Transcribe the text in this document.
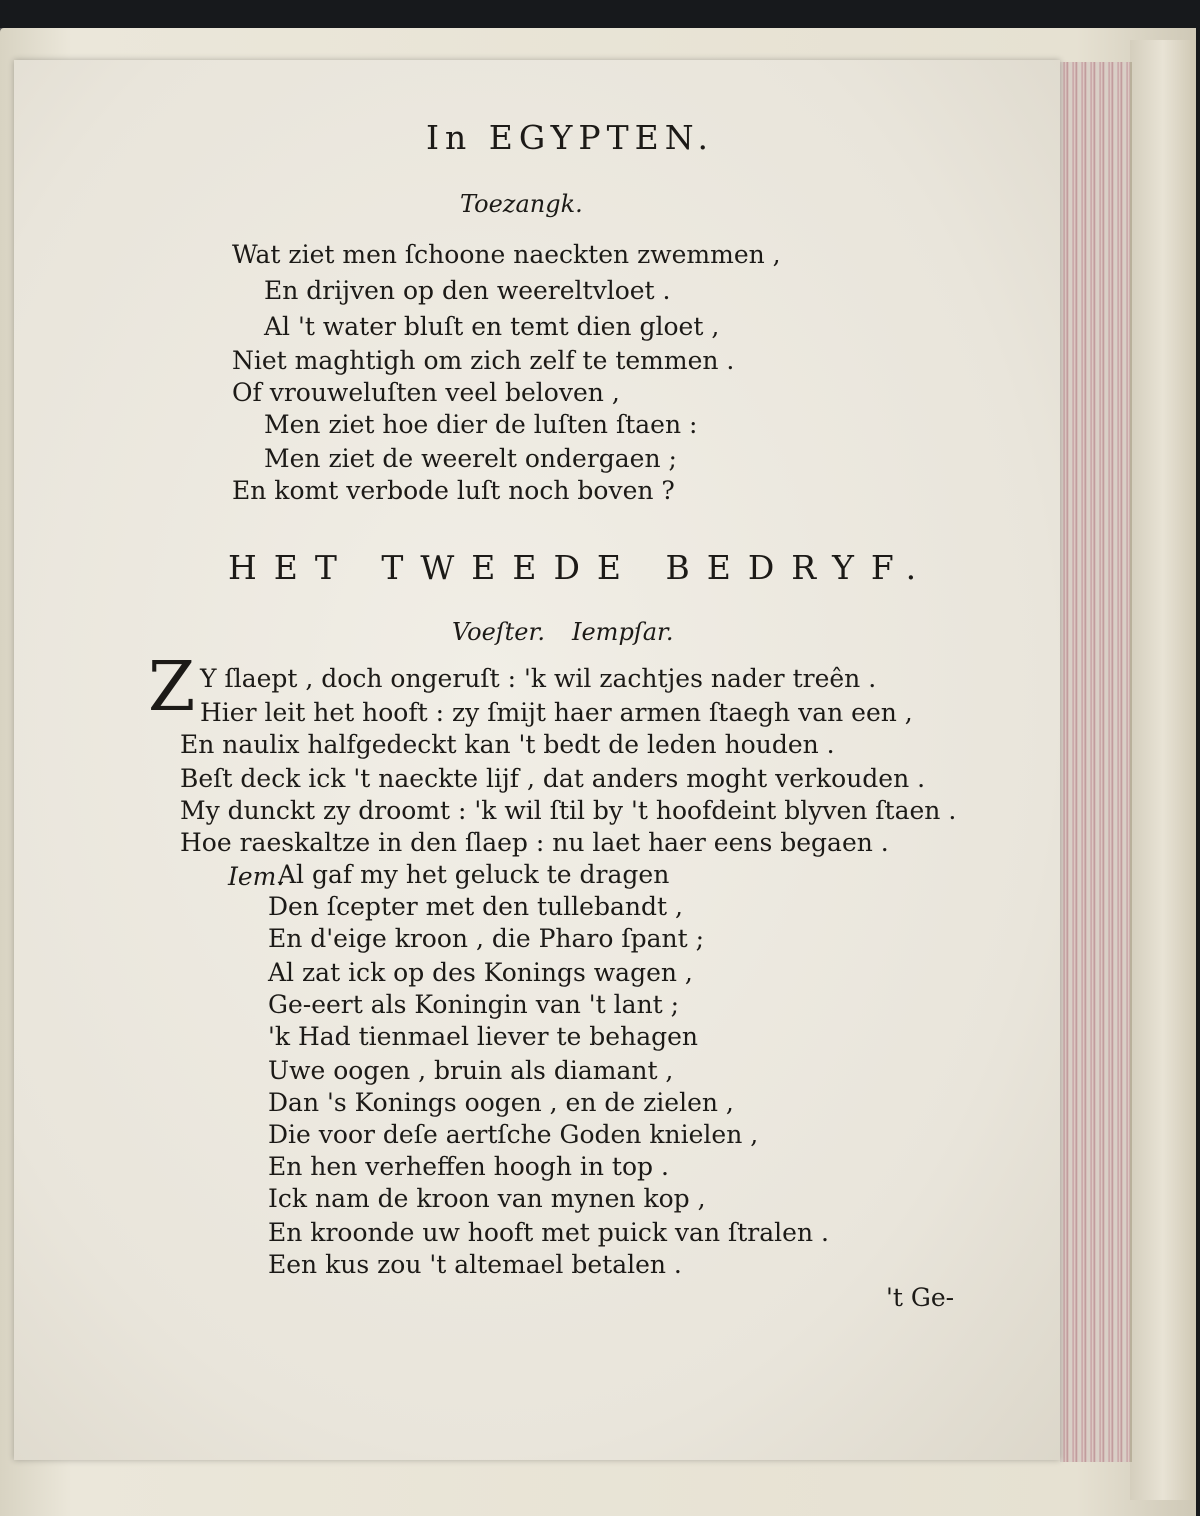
In EGYPTEN.
Toezangk.
Wat ziet men ſchoone naeckten zwemmen ,
En drijven op den weereltvloet .
Al 't water bluſt en temt dien gloet ,
Niet maghtigh om zich zelf te temmen .
Of vrouweluſten veel beloven ,
Men ziet hoe dier de luſten ſtaen :
Men ziet de weerelt ondergaen ;
En komt verbode luſt noch boven ?
HET TWEEDE BEDRYF.
Voeſter. Iempſar.
Z Y ſlaept , doch ongeruſt : 'k wil zachtjes nader treên .
Hier leit het hooft : zy ſmijt haer armen ſtaegh van een ,
En naulix halfgedeckt kan 't bedt de leden houden .
Beſt deck ick 't naeckte lijf , dat anders moght verkouden .
My dunckt zy droomt : 'k wil ſtil by 't hoofdeint blyven ſtaen .
Hoe raeskaltze in den ſlaep : nu laet haer eens begaen .
Iem.
Al gaf my het geluck te dragen
Den ſcepter met den tullebandt ,
En d'eige kroon , die Pharo ſpant ;
Al zat ick op des Konings wagen ,
Ge-eert als Koningin van 't lant ;
'k Had tienmael liever te behagen
Uwe oogen , bruin als diamant ,
Dan 's Konings oogen , en de zielen ,
Die voor deſe aertſche Goden knielen ,
En hen verheffen hoogh in top .
Ick nam de kroon van mynen kop ,
En kroonde uw hooft met puick van ſtralen .
Een kus zou 't altemael betalen .
't Ge-
